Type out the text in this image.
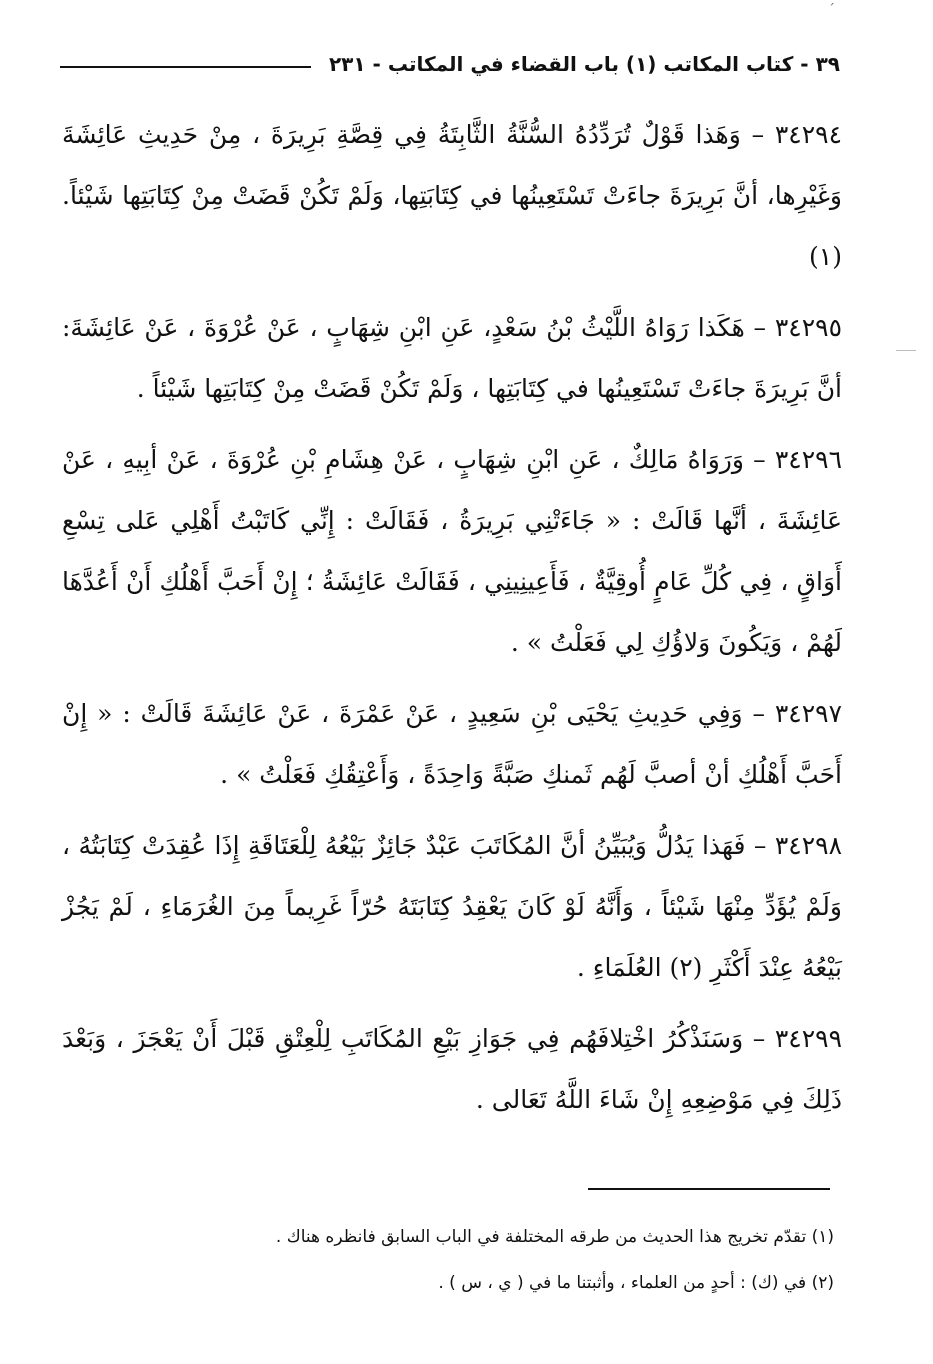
ˊ
٣٩ - كتاب المكاتب (١) باب القضاء في المكاتب - ٢٣١

٣٤٢٩٤ – وَهَذا قَوْلٌ تُرَدِّدُهُ السُّنَّةُ الثَّابِتَةُ فِي قِصَّةِ بَرِيرَةَ ، مِنْ حَدِيثِ عَائِشَةَ وَغَيْرِها، أنَّ بَرِيرَةَ جاءَتْ تَسْتَعِينُها في كِتَابَتِها، وَلَمْ تَكُنْ قَضَتْ مِنْ كِتَابَتِها شَيْئاً. (١)

٣٤٢٩٥ – هَكَذا رَوَاهُ اللَّيْثُ بْنُ سَعْدٍ، عَنِ ابْنِ شِهَابٍ ، عَنْ عُرْوَةَ ، عَنْ عَائِشَةَ: أنَّ بَرِيرَةَ جاءَتْ تَسْتَعِينُها في كِتَابَتِها ، وَلَمْ تَكُنْ قَضَتْ مِنْ كِتَابَتِها شَيْئاً .

٣٤٢٩٦ – وَرَوَاهُ مَالِكٌ ، عَنِ ابْنِ شِهَابٍ ، عَنْ هِشَامِ بْنِ عُرْوَةَ ، عَنْ أبِيهِ ، عَنْ عَائِشَةَ ، أنَّها قَالَتْ : « جَاءَتْنِي بَرِيرَةُ ، فَقَالَتْ : إِنِّي كَاتَبْتُ أَهْلِي عَلى تِسْعِ أَوَاقٍ ، فِي كُلِّ عَامٍ أُوقِيَّةٌ ، فَأَعِينِينِي ، فَقَالَتْ عَائِشَةُ ؛ إِنْ أَحَبَّ أَهْلُكِ أَنْ أَعُدَّهَا لَهُمْ ، وَيَكُونَ وَلاؤُكِ لِي فَعَلْتُ » .

٣٤٢٩٧ – وَفِي حَدِيثِ يَحْيَى بْنِ سَعِيدٍ ، عَنْ عَمْرَةَ ، عَنْ عَائِشَةَ قَالَتْ : « إِنْ أَحَبَّ أَهْلُكِ أنْ أصبَّ لَهُم ثَمنكِ صَبَّةً وَاحِدَةً ، وَأَعْتِقُكِ فَعَلْتُ » .

٣٤٢٩٨ – فَهَذا يَدُلُّ وَيُبَيِّنُ أنَّ المُكَاتَبَ عَبْدٌ جَائِزٌ بَيْعُهُ لِلْعَتَاقَةِ إِذَا عُقِدَتْ كِتَابَتُهُ ، وَلَمْ يُؤَدِّ مِنْهَا شَيْئاً ، وَأَنَّهُ لَوْ كَانَ يَعْقِدُ كِتَابَتَهُ حُرّاً غَرِيماً مِنَ الغُرَمَاءِ ، لَمْ يَجُزْ بَيْعُهُ عِنْدَ أَكْثَرِ (٢) العُلَمَاءِ .

٣٤٢٩٩ – وَسَنَذْكُرُ اخْتِلافَهُم فِي جَوَازِ بَيْعِ المُكَاتَبِ لِلْعِتْقِ قَبْلَ أَنْ يَعْجَزَ ، وَبَعْدَ ذَلِكَ فِي مَوْضِعِهِ إِنْ شَاءَ اللَّهُ تَعَالى .

(١) تقدّم تخريج هذا الحديث من طرقه المختلفة في الباب السابق فانظره هناك .

(٢) في (ك) : أحدٍ من العلماء ، وأثبتنا ما في ( ي ، س ) .
